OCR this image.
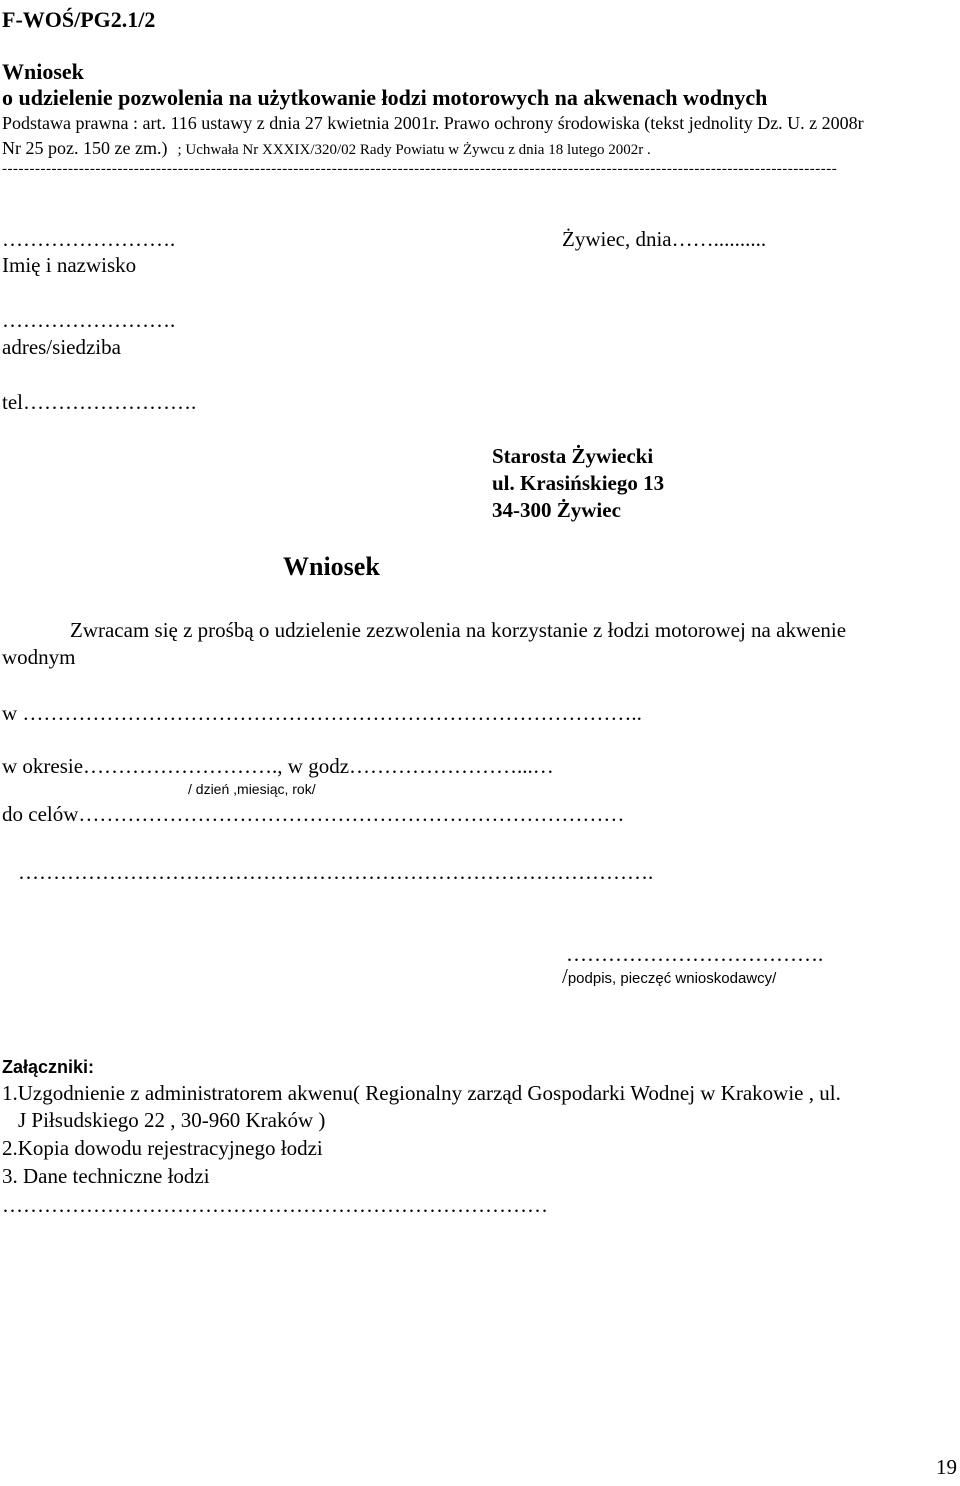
F-WOŚ/PG2.1/2
Wniosek
o udzielenie pozwolenia na użytkowanie łodzi motorowych na akwenach wodnych
Podstawa prawna : art. 116 ustawy z dnia 27 kwietnia 2001r. Prawo ochrony środowiska (tekst jednolity Dz. U. z 2008r
Nr 25 poz. 150 ze zm.) ; Uchwała Nr XXXIX/320/02 Rady Powiatu w Żywcu z dnia 18 lutego 2002r .
--------------------------------------------------------------------------------------------------------------------------------------------------------
…………………….
Imię i nazwisko
Żywiec, dnia……..........
…………………….
adres/siedziba
tel…………………….
Starosta Żywiecki
ul. Krasińskiego 13
34-300 Żywiec
Wniosek
Zwracam się z prośbą o udzielenie zezwolenia na korzystanie z łodzi motorowej na akwenie
wodnym
w ……………………………………………………………………………..
w okresie………………………., w godz……………………...…
/ dzień ,miesiąc, rok/
do celów……………………………………………………………………
……………………………………………………………………………….
……………………………….
/podpis, pieczęć wnioskodawcy/
Załączniki:
1.Uzgodnienie z administratorem akwenu( Regionalny zarząd Gospodarki Wodnej w Krakowie , ul.
J Piłsudskiego 22 , 30-960 Kraków )
2.Kopia dowodu rejestracyjnego łodzi
3. Dane techniczne łodzi
……………………………………………………………………
19
